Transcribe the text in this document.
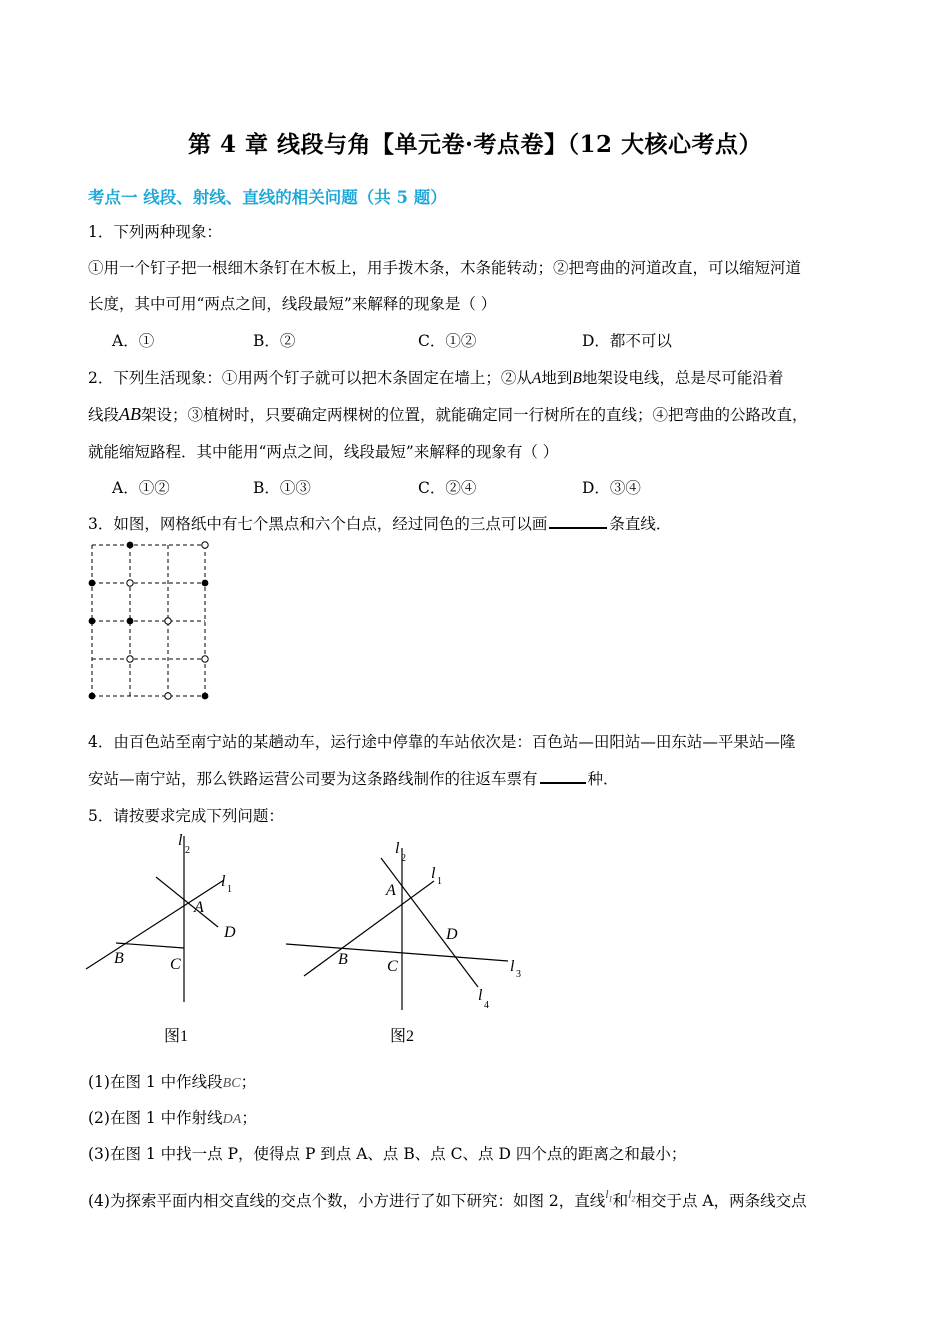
第 4 章 线段与角【单元卷·考点卷】（12 大核心考点）
考点一 线段、射线、直线的相关问题（共 5 题）
1．下列两种现象：
①用一个钉子把一根细木条钉在木板上，用手拨木条，木条能转动；②把弯曲的河道改直，可以缩短河道
长度，其中可用“两点之间，线段最短”来解释的现象是（ ）
A．①	B．②	C．①②	D．都不可以
2．下列生活现象：①用两个钉子就可以把木条固定在墙上；②从A地到B地架设电线，总是尽可能沿着
线段AB架设；③植树时，只要确定两棵树的位置，就能确定同一行树所在的直线；④把弯曲的公路改直，
就能缩短路程．其中能用“两点之间，线段最短”来解释的现象有（ ）
A．①②	B．①③	C．②④	D．③④
3．如图，网格纸中有七个黑点和六个白点，经过同色的三点可以画	条直线．
4．由百色站至南宁站的某趟动车，运行途中停靠的车站依次是：百色站—田阳站—田东站—平果站—隆
安站—南宁站，那么铁路运营公司要为这条路线制作的往返车票有	种．
5．请按要求完成下列问题：
l
2
l 1
A
D
B	C
图1
l
2
l 1
A
D
B C	l 3
l
4
图2
(1)在图 1 中作线段BC；
(2)在图 1 中作射线DA；
(3)在图 1 中找一点 P，使得点 P 到点 A、点 B、点 C、点 D 四个点的距离之和最小；
(4)为探索平面内相交直线的交点个数，小方进行了如下研究：如图 2，直线$^{l_1}$和$^{l_2}$相交于点 A，两条线交点
